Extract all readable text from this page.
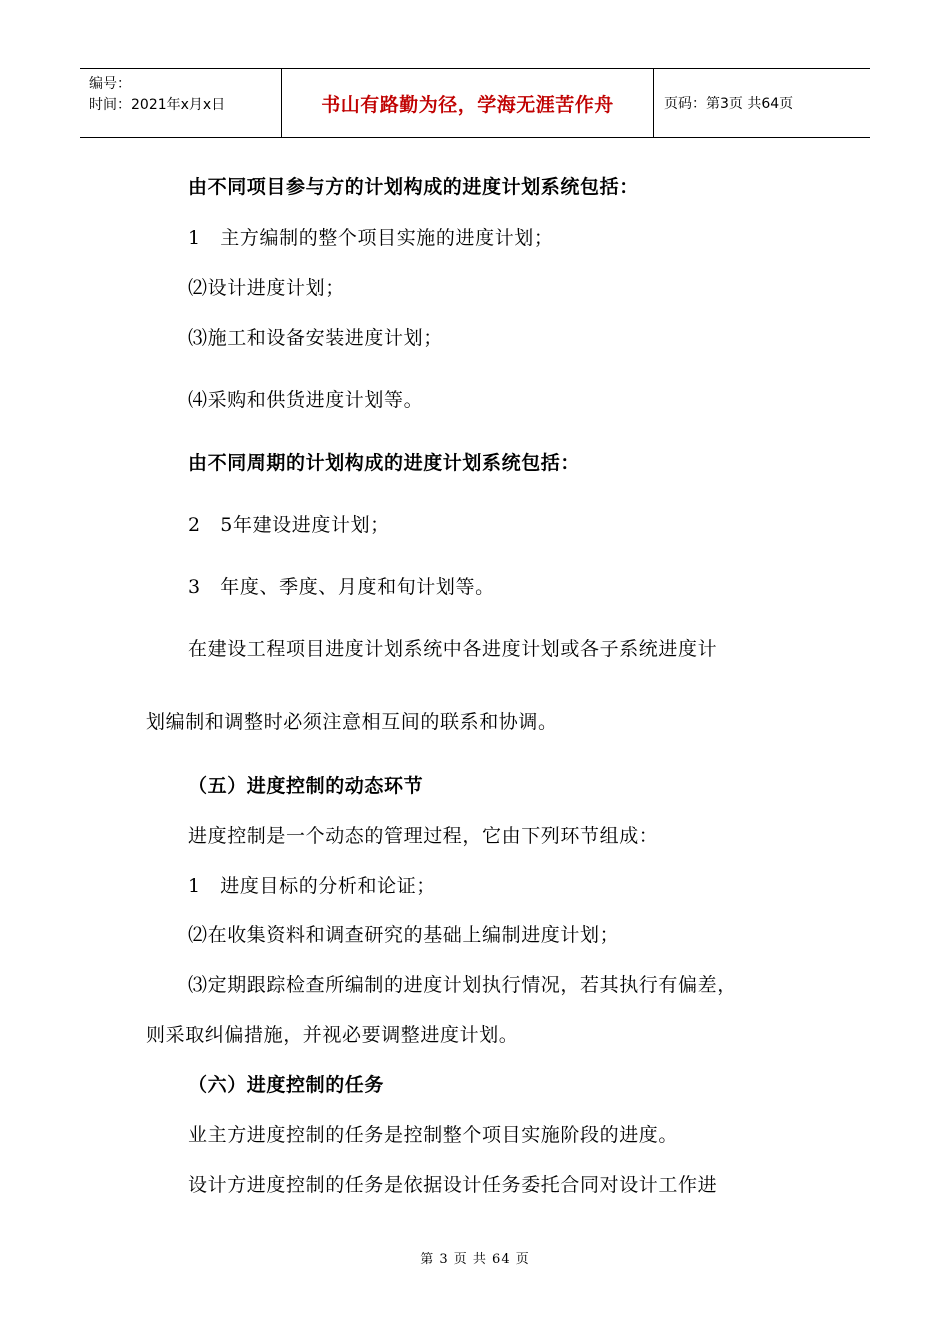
编号：
时间：2021年x月x日	书山有路勤为径，学海无涯苦作舟	页码：第3页 共64页
由不同项目参与方的计划构成的进度计划系统包括：
1　主方编制的整个项目实施的进度计划；
⑵设计进度计划；
⑶施工和设备安装进度计划；
⑷采购和供货进度计划等。
由不同周期的计划构成的进度计划系统包括：
2　5年建设进度计划；
3　年度、季度、月度和旬计划等。
在建设工程项目进度计划系统中各进度计划或各子系统进度计
划编制和调整时必须注意相互间的联系和协调。
（五）进度控制的动态环节
进度控制是一个动态的管理过程，它由下列环节组成：
1　进度目标的分析和论证；
⑵在收集资料和调查研究的基础上编制进度计划；
⑶定期跟踪检查所编制的进度计划执行情况，若其执行有偏差，
则采取纠偏措施，并视必要调整进度计划。
（六）进度控制的任务
业主方进度控制的任务是控制整个项目实施阶段的进度。
设计方进度控制的任务是依据设计任务委托合同对设计工作进
第 3 页 共 64 页
